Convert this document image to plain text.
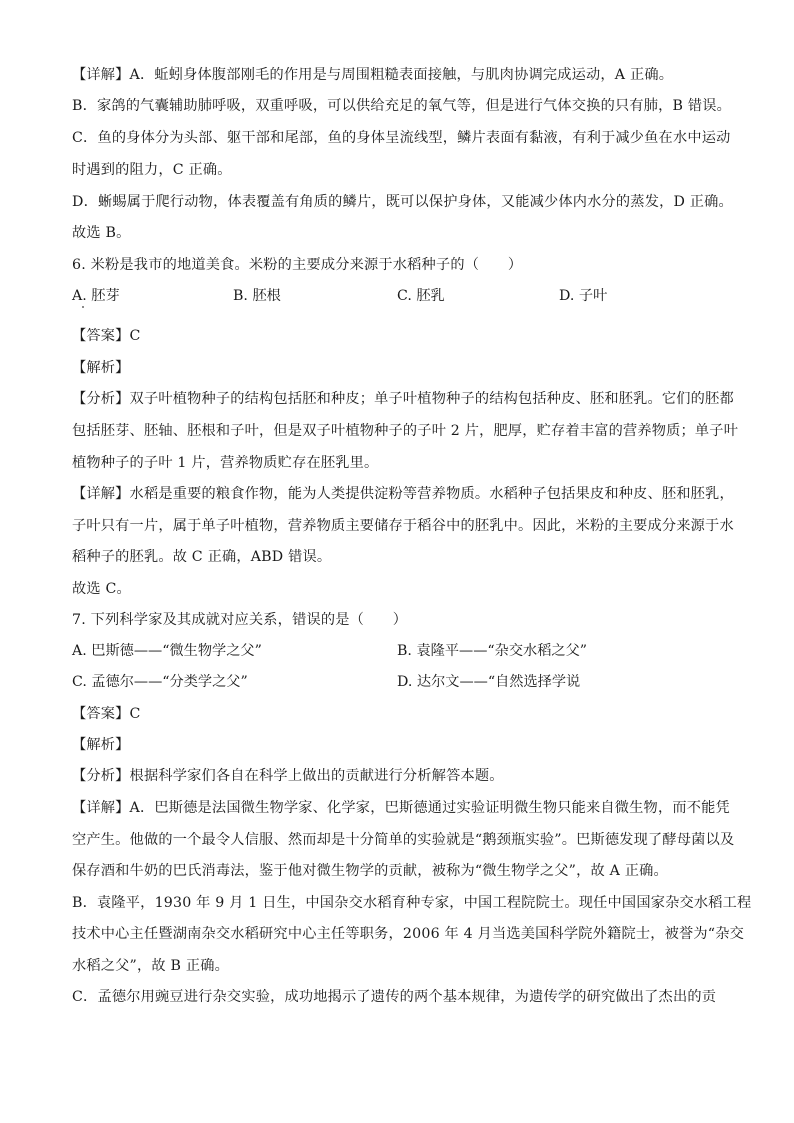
【详解】A．蚯蚓身体腹部刚毛的作用是与周围粗糙表面接触，与肌肉协调完成运动，A 正确。
B．家鸽的气囊辅助肺呼吸，双重呼吸，可以供给充足的氧气等，但是进行气体交换的只有肺，B 错误。
C．鱼的身体分为头部、躯干部和尾部，鱼的身体呈流线型，鳞片表面有黏液，有利于减少鱼在水中运动
时遇到的阻力，C 正确。
D．蜥蜴属于爬行动物，体表覆盖有角质的鳞片，既可以保护身体，又能减少体内水分的蒸发，D 正确。
故选 B。
6. 米粉是我市的地道美食。米粉的主要成分来源于水稻种子的（　　）
A. 胚芽	B. 胚根	C. 胚乳	D. 子叶
【答案】C
【解析】
【分析】双子叶植物种子的结构包括胚和种皮；单子叶植物种子的结构包括种皮、胚和胚乳。它们的胚都
包括胚芽、胚轴、胚根和子叶，但是双子叶植物种子的子叶 2 片，肥厚，贮存着丰富的营养物质；单子叶
植物种子的子叶 1 片，营养物质贮存在胚乳里。
【详解】水稻是重要的粮食作物，能为人类提供淀粉等营养物质。水稻种子包括果皮和种皮、胚和胚乳，
子叶只有一片，属于单子叶植物，营养物质主要储存于稻谷中的胚乳中。因此，米粉的主要成分来源于水
稻种子的胚乳。故 C 正确，ABD 错误。
故选 C。
7. 下列科学家及其成就对应关系，错误的是（　　）
A. 巴斯德——“微生物学之父”	B. 袁隆平——“杂交水稻之父”
C. 孟德尔——“分类学之父”	D. 达尔文——“自然选择学说
【答案】C
【解析】
【分析】根据科学家们各自在科学上做出的贡献进行分析解答本题。
【详解】A．巴斯德是法国微生物学家、化学家，巴斯德通过实验证明微生物只能来自微生物，而不能凭
空产生。他做的一个最令人信服、然而却是十分简单的实验就是“鹅颈瓶实验”。巴斯德发现了酵母菌以及
保存酒和牛奶的巴氏消毒法，鉴于他对微生物学的贡献，被称为“微生物学之父”，故 A 正确。
B．袁隆平，1930 年 9 月 1 日生，中国杂交水稻育种专家，中国工程院院士。现任中国国家杂交水稻工程
技术中心主任暨湖南杂交水稻研究中心主任等职务，2006 年 4 月当选美国科学院外籍院士，被誉为“杂交
水稻之父”，故 B 正确。
C．孟德尔用豌豆进行杂交实验，成功地揭示了遗传的两个基本规律，为遗传学的研究做出了杰出的贡
